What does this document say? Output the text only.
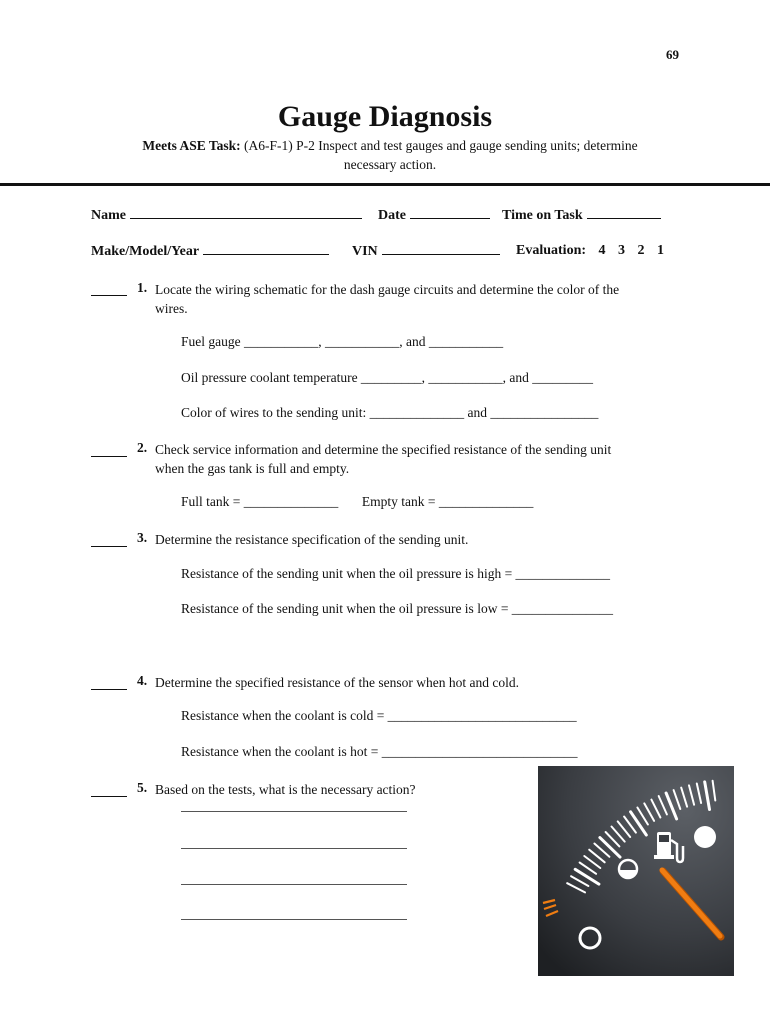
69
Gauge Diagnosis
Meets ASE Task: (A6-F-1) P-2 Inspect and test gauges and gauge sending units; determine
necessary action.
Name	Date	Time on Task
Make/Model/Year	VIN	Evaluation: 4 3 2 1
1. Locate the wiring schematic for the dash gauge circuits and determine the color of the
wires.
Fuel gauge ___________, ___________, and ___________
Oil pressure coolant temperature _________, ___________, and _________
Color of wires to the sending unit: ______________ and ________________
2. Check service information and determine the specified resistance of the sending unit
when the gas tank is full and empty.
Full tank = ______________       Empty tank = ______________
3. Determine the resistance specification of the sending unit.
Resistance of the sending unit when the oil pressure is high = ______________
Resistance of the sending unit when the oil pressure is low = _______________
4. Determine the specified resistance of the sensor when hot and cold.
Resistance when the coolant is cold = ____________________________
Resistance when the coolant is hot = _____________________________
5. Based on the tests, what is the necessary action?
